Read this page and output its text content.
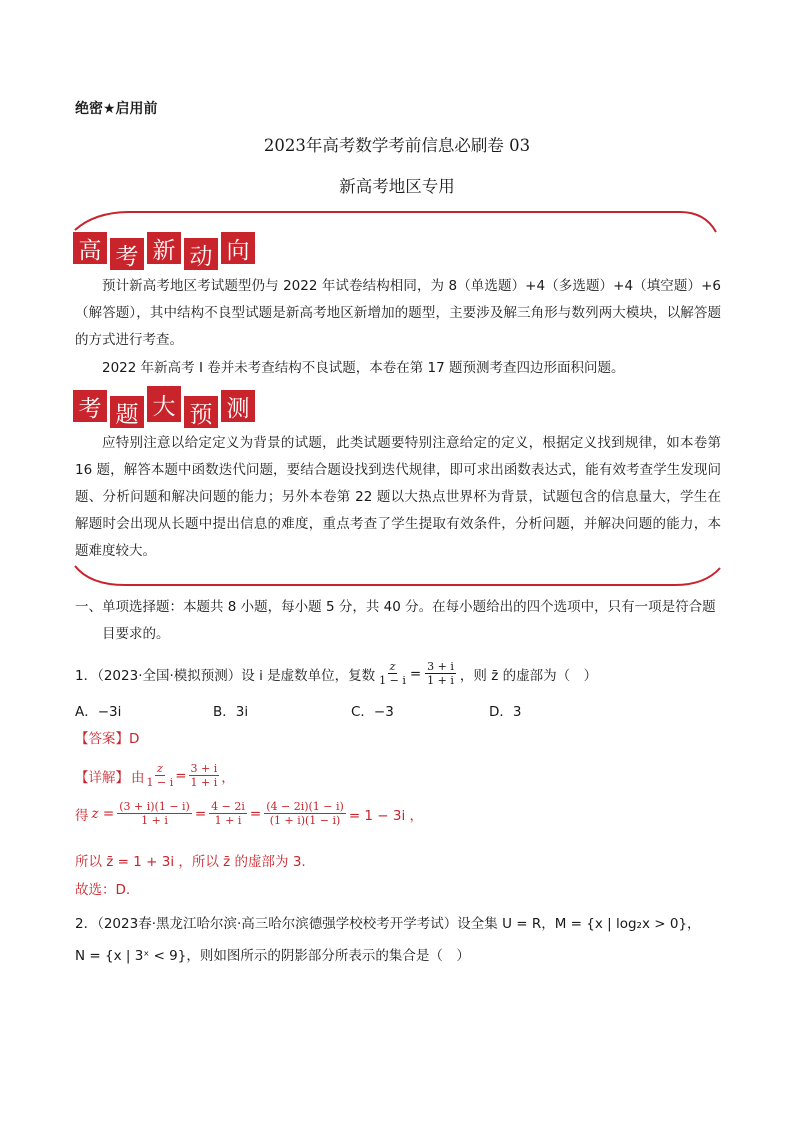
绝密★启用前
2023年高考数学考前信息必刷卷 03
新高考地区专用
高 考 新 动 向
预计新高考地区考试题型仍与 2022 年试卷结构相同，为 8（单选题）+4（多选题）+4（填空题）+6（解答题），其中结构不良型试题是新高考地区新增加的题型，主要涉及解三角形与数列两大模块，以解答题的方式进行考查。
2022 年新高考 I 卷并未考查结构不良试题，本卷在第 17 题预测考查四边形面积问题。
考 题 大 预 测
应特别注意以给定定义为背景的试题，此类试题要特别注意给定的定义，根据定义找到规律，如本卷第 16 题，解答本题中函数迭代问题，要结合题设找到迭代规律，即可求出函数表达式，能有效考查学生发现问题、分析问题和解决问题的能力；另外本卷第 22 题以大热点世界杯为背景，试题包含的信息量大，学生在解题时会出现从长题中提出信息的难度，重点考查了学生提取有效条件，分析问题，并解决问题的能力，本题难度较大。
一、单项选择题：本题共 8 小题，每小题 5 分，共 40 分。在每小题给出的四个选项中，只有一项是符合题
目要求的。
1．（2023·全国·模拟预测）设 i 是虚数单位，复数 $\frac{z}{1 - i} = \frac{3 + i}{1 + i}$ ，则 z̄ 的虚部为（　）
A．−3i	B．3i	C．−3	D．3
【答案】D
【详解】 由 $\frac{z}{1 - i} = \frac{3 + i}{1 + i}$ ，
得 $z = \frac{(3 + i)(1 - i)}{1 + i} = \frac{4 - 2i}{1 + i} = \frac{(4 - 2i)(1 - i)}{(1 + i)(1 - i)} = 1 - 3i$ ，
所以 z̄ = 1 + 3i ，所以 z̄ 的虚部为 3.
故选：D.
2．（2023春·黑龙江哈尔滨·高三哈尔滨德强学校校考开学考试）设全集 U = R，M = {x | log₂x > 0}，
N = {x | 3ˣ < 9}，则如图所示的阴影部分所表示的集合是（　）
